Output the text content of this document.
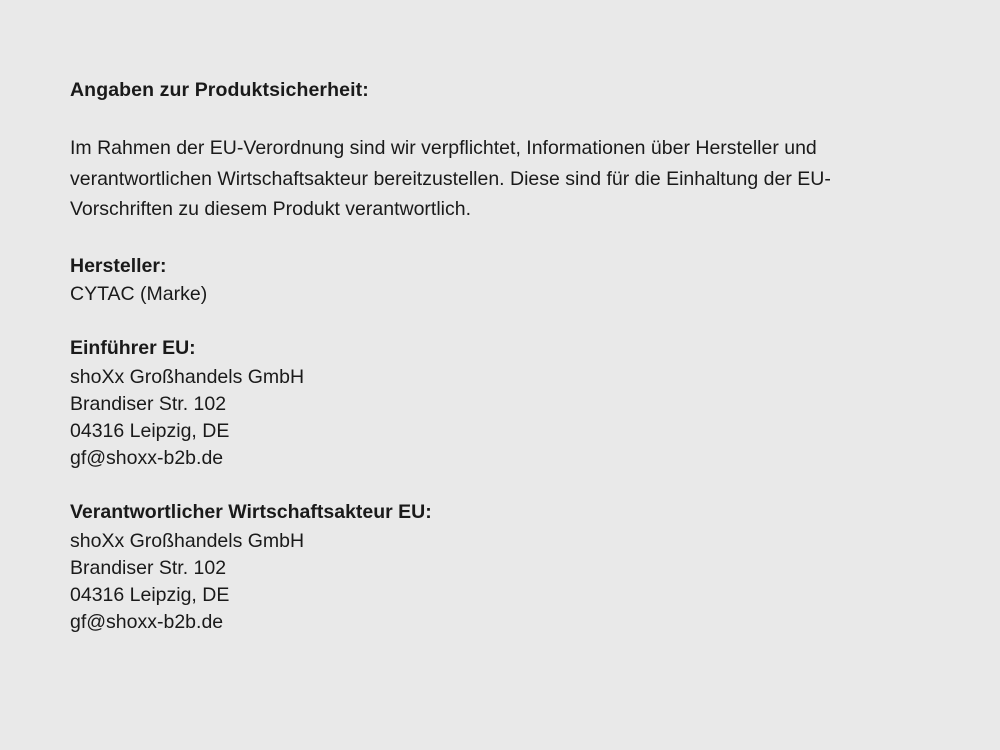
Angaben zur Produktsicherheit:

Im Rahmen der EU-Verordnung sind wir verpflichtet, Informationen über Hersteller und verantwortlichen Wirtschaftsakteur bereitzustellen. Diese sind für die Einhaltung der EU-Vorschriften zu diesem Produkt verantwortlich.

Hersteller:
CYTAC (Marke)
Einführer EU:
shoXx Großhandels GmbH
Brandiser Str. 102
04316 Leipzig, DE
gf@shoxx-b2b.de
Verantwortlicher Wirtschaftsakteur EU:
shoXx Großhandels GmbH
Brandiser Str. 102
04316 Leipzig, DE
gf@shoxx-b2b.de
